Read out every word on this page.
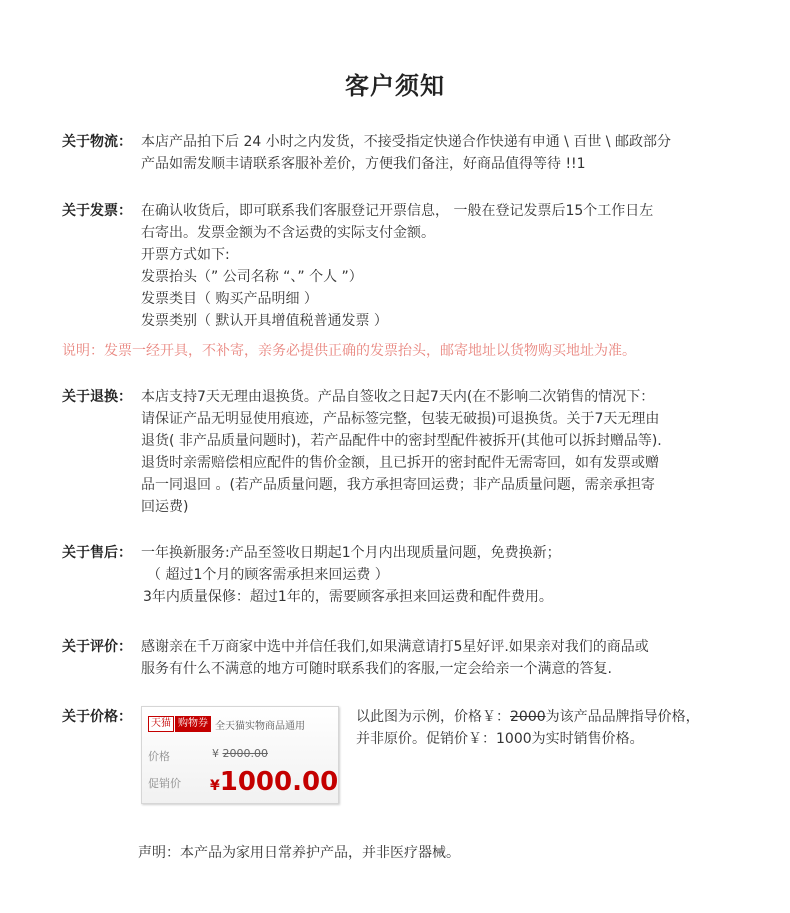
客户须知
关于物流： 本店产品拍下后 24 小时之内发货，不接受指定快递合作快递有申通 \ 百世 \ 邮政部分
产品如需发顺丰请联系客服补差价，方便我们备注，好商品值得等待 !!1
关于发票： 在确认收货后，即可联系我们客服登记开票信息， 一般在登记发票后15个工作日左
右寄出。发票金额为不含运费的实际支付金额。
开票方式如下:
发票抬头（” 公司名称 “、” 个人 ”）
发票类目（ 购买产品明细 ）
发票类别（ 默认开具增值税普通发票 ）
说明：发票一经开具，不补寄，亲务必提供正确的发票抬头，邮寄地址以货物购买地址为准。
关于退换： 本店支持7天无理由退换货。产品自签收之日起7天内(在不影响二次销售的情况下：
请保证产品无明显使用痕迹，产品标签完整，包装无破损)可退换货。关于7天无理由
退货( 非产品质量问题时)，若产品配件中的密封型配件被拆开(其他可以拆封赠品等).
退货时亲需赔偿相应配件的售价金额，且已拆开的密封配件无需寄回，如有发票或赠
品一同退回 。(若产品质量问题，我方承担寄回运费；非产品质量问题，需亲承担寄
回运费)
关于售后： 一年换新服务:产品至签收日期起1个月内出现质量问题，免费换新；
（ 超过1个月的顾客需承担来回运费 ）
3年内质量保修：超过1年的，需要顾客承担来回运费和配件费用。
关于评价： 感谢亲在千万商家中选中并信任我们,如果满意请打5星好评.如果亲对我们的商品或
服务有什么不满意的地方可随时联系我们的客服,一定会给亲一个满意的答复.
关于价格：	天猫 购物券 全天猫实物商品通用
价格	¥ 2000.00
促销价 ¥1000.00
以此图为示例，价格￥：2000为该产品品牌指导价格，
并非原价。促销价￥：1000为实时销售价格。
声明：本产品为家用日常养护产品，并非医疗器械。
